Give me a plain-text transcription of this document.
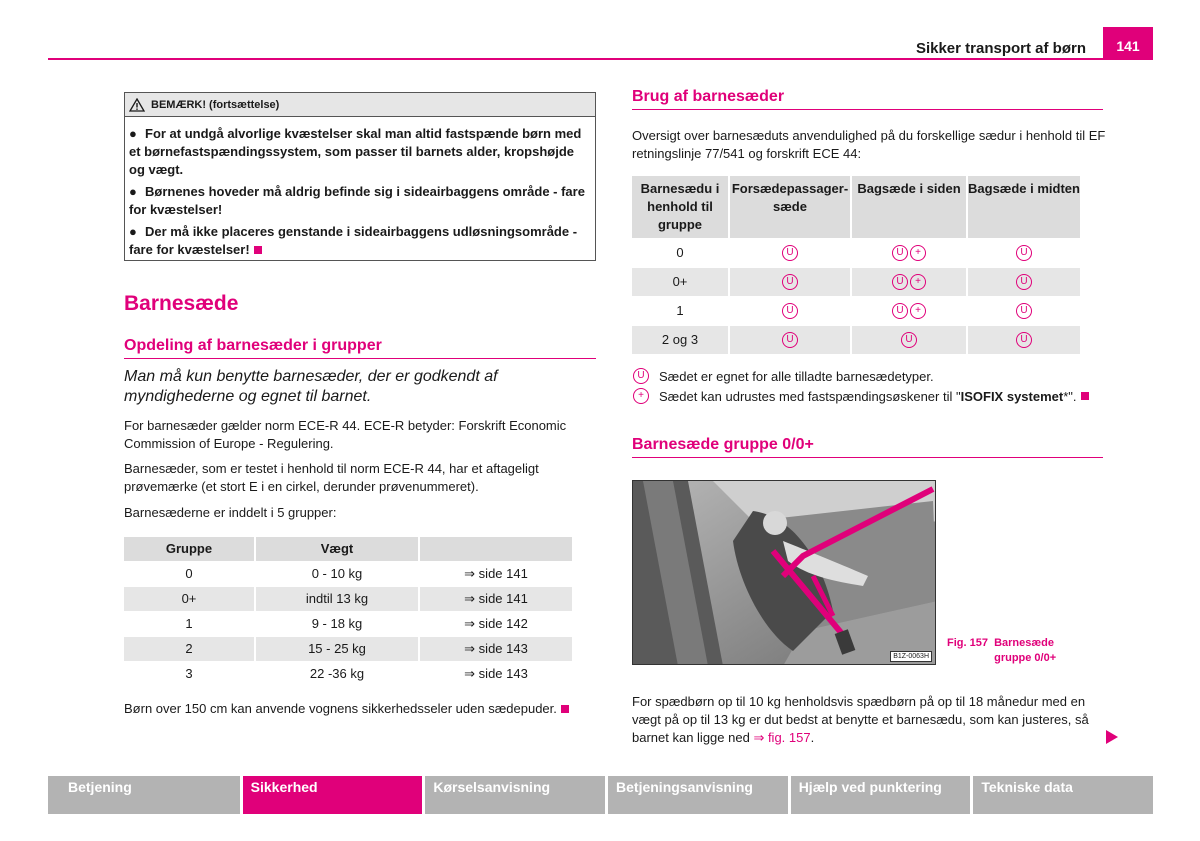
Sikker transport af børn	141
BEMÆRK! (fortsættelse)
● For at undgå alvorlige kvæstelser skal man altid fastspænde børn med et børnefastspændingssystem, som passer til barnets alder, kropshøjde og vægt.
● Børnenes hoveder må aldrig befinde sig i sideairbaggens område - fare for kvæstelser!
● Der må ikke placeres genstande i sideairbaggens udløsningsområde - fare for kvæstelser!
Barnesæde
Opdeling af barnesæder i grupper
Man må kun benytte barnesæder, der er godkendt af myndighederne og egnet til barnet.
For barnesæder gælder norm ECE-R 44. ECE-R betyder: Forskrift Economic Commission of Europe - Regulering.
Barnesæder, som er testet i henhold til norm ECE-R 44, har et aftageligt prøvemærke (et stort E i en cirkel, derunder prøvenummeret).
Barnesæderne er inddelt i 5 grupper:
Gruppe	Vægt	
0	0 - 10 kg	⇒ side 141
0+	indtil 13 kg	⇒ side 141
1	9 - 18 kg	⇒ side 142
2	15 - 25 kg	⇒ side 143
3	22 -36 kg	⇒ side 143
Børn over 150 cm kan anvende vognens sikkerhedsseler uden sædepuder.
Brug af barnesæder
Oversigt over barnesæduts anvendulighed på du forskellige sædur i henhold til EF retningslinje 77/541 og forskrift ECE 44:
Barnesædu i henhold til gruppe	Forsædepassager-sæde	Bagsæde i siden	Bagsæde i midten
0	U	U +	U
0+	U	U +	U
1	U	U +	U
2 og 3	U	U	U
U	Sædet er egnet for alle tilladte barnesædetyper.
+	Sædet kan udrustes med fastspændingsøskener til " ISOFIX systemet *".
Barnesæde gruppe 0/0+
B1Z-0063H
Fig. 157 Barnesæde gruppe 0/0+
For spædbørn op til 10 kg henholdsvis spædbørn på op til 18 månedur med en vægt på op til 13 kg er dut bedst at benytte et barnesædu, som kan justeres, så barnet kan ligge ned ⇒ fig. 157.
Betjening	Sikkerhed	Kørselsanvisning	Betjeningsanvisning	Hjælp ved punktering	Tekniske data
